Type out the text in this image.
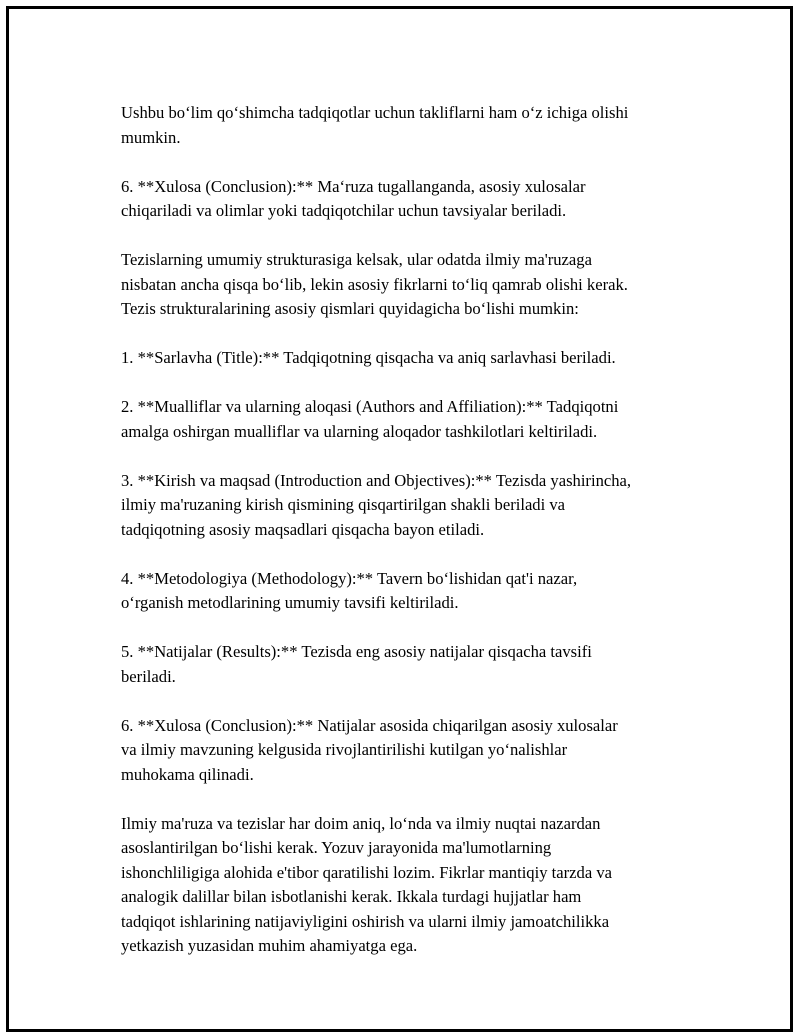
Ushbu boʻlim qoʻshimcha tadqiqotlar uchun takliflarni ham oʻz ichiga olishi
mumkin.

6. **Xulosa (Conclusion):** Maʻruza tugallanganda, asosiy xulosalar
chiqariladi va olimlar yoki tadqiqotchilar uchun tavsiyalar beriladi.

Tezislarning umumiy strukturasiga kelsak, ular odatda ilmiy ma'ruzaga
nisbatan ancha qisqa boʻlib, lekin asosiy fikrlarni toʻliq qamrab olishi kerak.
Tezis strukturalarining asosiy qismlari quyidagicha boʻlishi mumkin:

1. **Sarlavha (Title):** Tadqiqotning qisqacha va aniq sarlavhasi beriladi.

2. **Mualliflar va ularning aloqasi (Authors and Affiliation):** Tadqiqotni
amalga oshirgan mualliflar va ularning aloqador tashkilotlari keltiriladi.

3. **Kirish va maqsad (Introduction and Objectives):** Tezisda yashirincha,
ilmiy ma'ruzaning kirish qismining qisqartirilgan shakli beriladi va
tadqiqotning asosiy maqsadlari qisqacha bayon etiladi.

4. **Metodologiya (Methodology):** Tavern boʻlishidan qat'i nazar,
oʻrganish metodlarining umumiy tavsifi keltiriladi.

5. **Natijalar (Results):** Tezisda eng asosiy natijalar qisqacha tavsifi
beriladi.

6. **Xulosa (Conclusion):** Natijalar asosida chiqarilgan asosiy xulosalar
va ilmiy mavzuning kelgusida rivojlantirilishi kutilgan yoʻnalishlar
muhokama qilinadi.

Ilmiy ma'ruza va tezislar har doim aniq, loʻnda va ilmiy nuqtai nazardan
asoslantirilgan boʻlishi kerak. Yozuv jarayonida ma'lumotlarning
ishonchliligiga alohida e'tibor qaratilishi lozim. Fikrlar mantiqiy tarzda va
analogik dalillar bilan isbotlanishi kerak. Ikkala turdagi hujjatlar ham
tadqiqot ishlarining natijaviyligini oshirish va ularni ilmiy jamoatchilikka
yetkazish yuzasidan muhim ahamiyatga ega.
